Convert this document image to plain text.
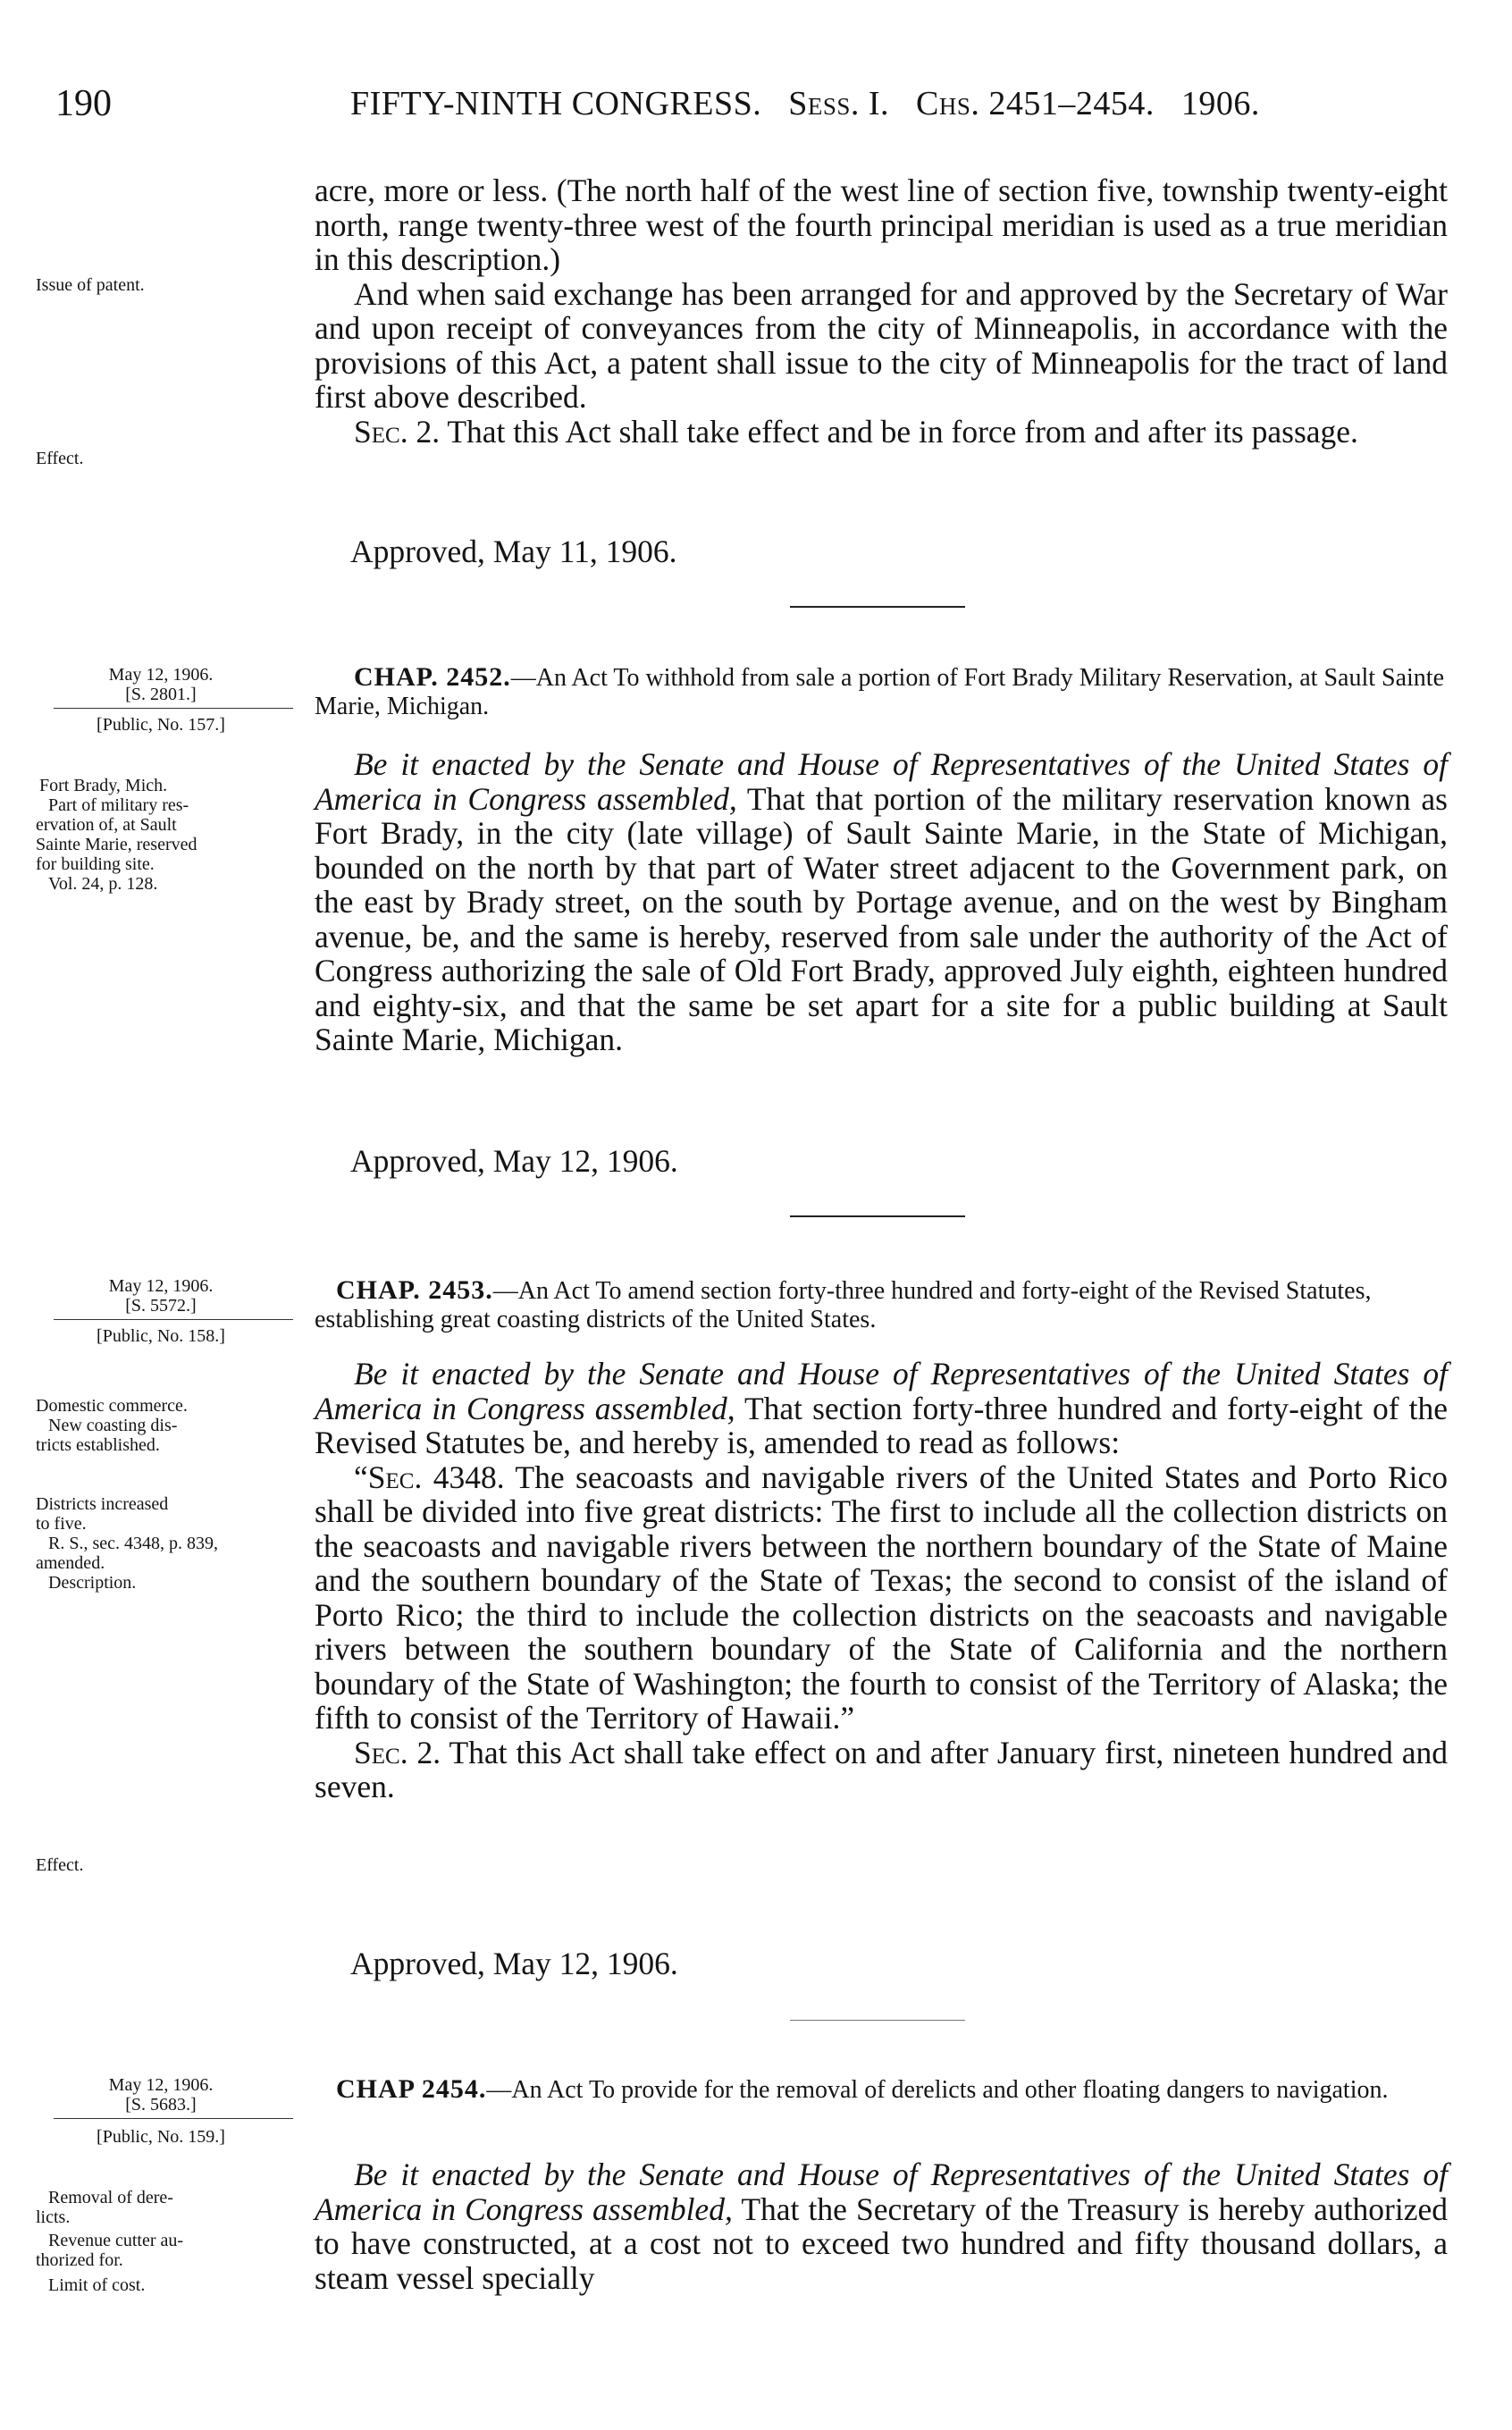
190	FIFTY-NINTH CONGRESS. Sess. I. Chs. 2451–2454. 1906.
Issue of patent.
Effect.

acre, more or less. (The north half of the west line of section five, township twenty-eight north, range twenty-three west of the fourth principal meridian is used as a true meridian in this description.)

And when said exchange has been arranged for and approved by the Secretary of War and upon receipt of conveyances from the city of Minneapolis, in accordance with the provisions of this Act, a patent shall issue to the city of Minneapolis for the tract of land first above described.

Sec. 2. That this Act shall take effect and be in force from and after its passage.

Approved, May 11, 1906.
May 12, 1906.
[S. 2801.]
[Public, No. 157.]
Fort Brady, Mich.
Part of military res-
ervation of, at Sault
Sainte Marie, reserved
for building site.
Vol. 24, p. 128.
CHAP. 2452.—An Act To withhold from sale a portion of Fort Brady Military Reservation, at Sault Sainte Marie, Michigan.

Be it enacted by the Senate and House of Representatives of the United States of America in Congress assembled, That that portion of the military reservation known as Fort Brady, in the city (late village) of Sault Sainte Marie, in the State of Michigan, bounded on the north by that part of Water street adjacent to the Government park, on the east by Brady street, on the south by Portage avenue, and on the west by Bingham avenue, be, and the same is hereby, reserved from sale under the authority of the Act of Congress authorizing the sale of Old Fort Brady, approved July eighth, eighteen hundred and eighty-six, and that the same be set apart for a site for a public building at Sault Sainte Marie, Michigan.

Approved, May 12, 1906.
May 12, 1906.
[S. 5572.]
[Public, No. 158.]
Domestic commerce.
New coasting dis-
tricts established.
Districts increased
to five.
R. S., sec. 4348, p. 839,
amended.
Description.
Effect.
CHAP. 2453.—An Act To amend section forty-three hundred and forty-eight of the Revised Statutes, establishing great coasting districts of the United States.

Be it enacted by the Senate and House of Representatives of the United States of America in Congress assembled, That section forty-three hundred and forty-eight of the Revised Statutes be, and hereby is, amended to read as follows:

“Sec. 4348. The seacoasts and navigable rivers of the United States and Porto Rico shall be divided into five great districts: The first to include all the collection districts on the seacoasts and navigable rivers between the northern boundary of the State of Maine and the southern boundary of the State of Texas; the second to consist of the island of Porto Rico; the third to include the collection districts on the seacoasts and navigable rivers between the southern boundary of the State of California and the northern boundary of the State of Washington; the fourth to consist of the Territory of Alaska; the fifth to consist of the Territory of Hawaii.”

Sec. 2. That this Act shall take effect on and after January first, nineteen hundred and seven.

Approved, May 12, 1906.
May 12, 1906.
[S. 5683.]
[Public, No. 159.]
Removal of dere-
licts.
Revenue cutter au-
thorized for.
Limit of cost.
CHAP 2454.—An Act To provide for the removal of derelicts and other floating dangers to navigation.

Be it enacted by the Senate and House of Representatives of the United States of America in Congress assembled, That the Secretary of the Treasury is hereby authorized to have constructed, at a cost not to exceed two hundred and fifty thousand dollars, a steam vessel specially
